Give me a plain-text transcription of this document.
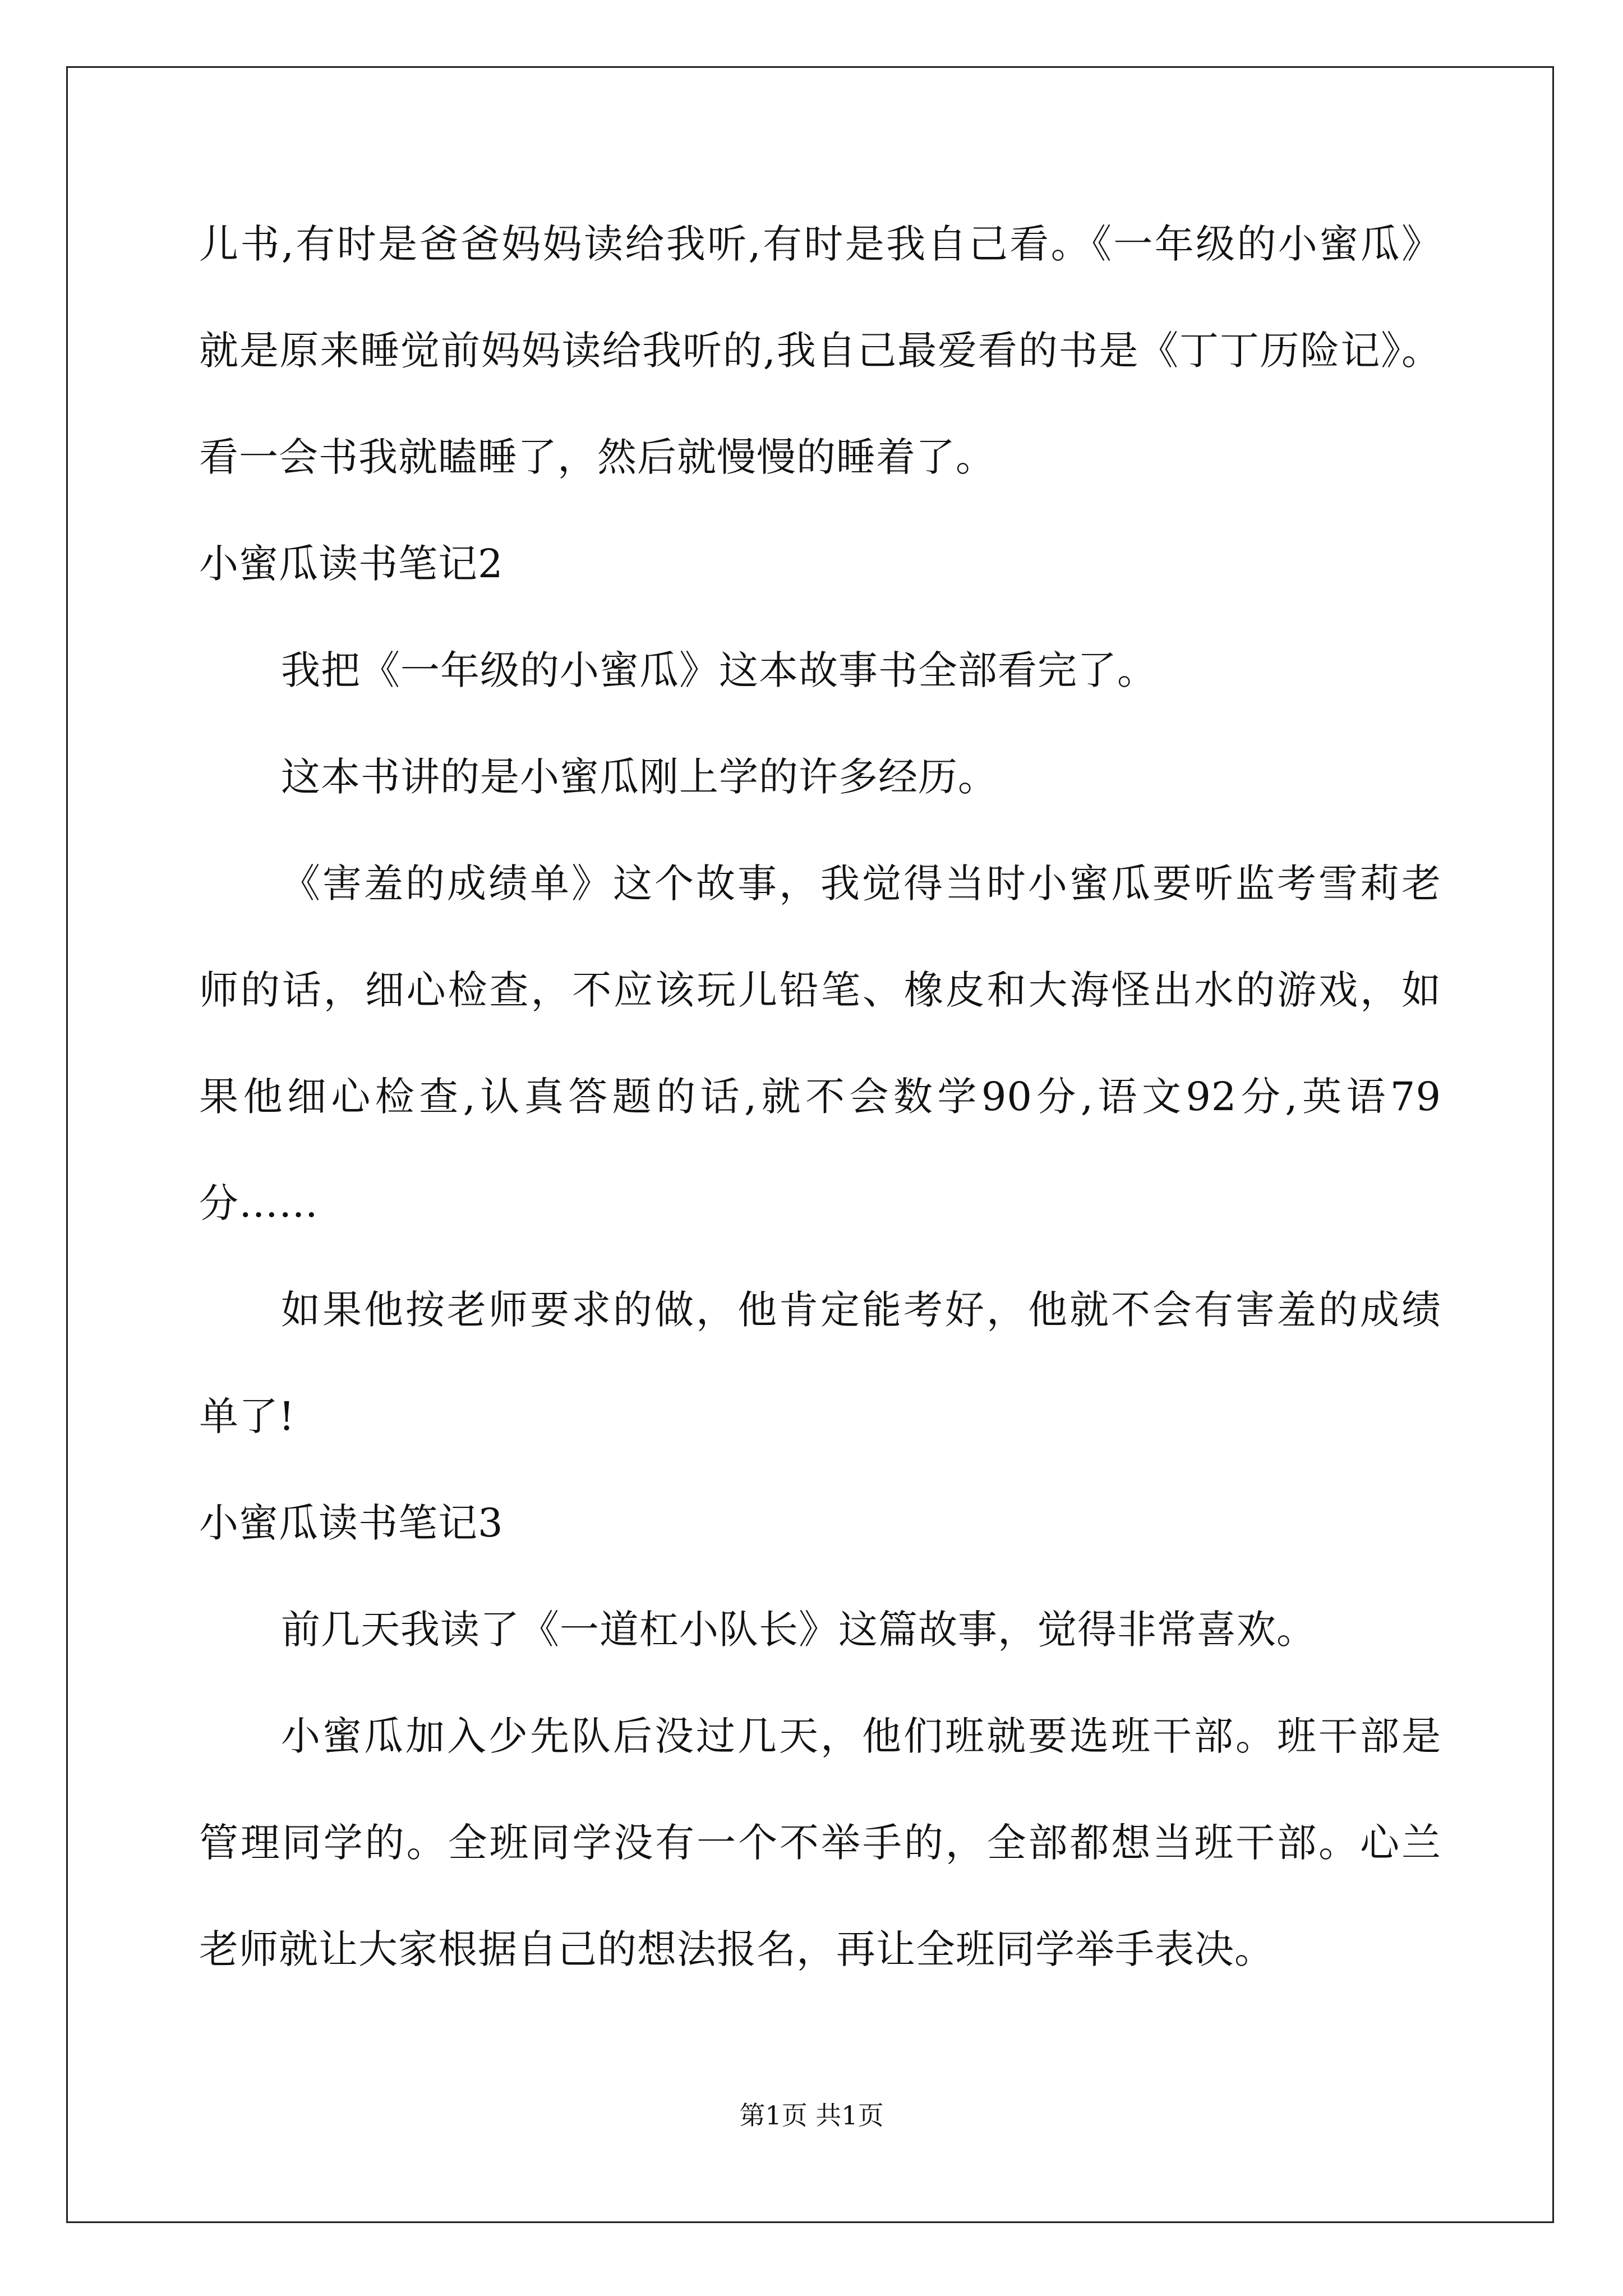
儿书,有时是爸爸妈妈读给我听,有时是我自己看。《一年级的小蜜瓜》
就是原来睡觉前妈妈读给我听的,我自己最爱看的书是《丁丁历险记》。
看一会书我就瞌睡了，然后就慢慢的睡着了。
小蜜瓜读书笔记2
我把《一年级的小蜜瓜》这本故事书全部看完了。
这本书讲的是小蜜瓜刚上学的许多经历。
《害羞的成绩单》这个故事，我觉得当时小蜜瓜要听监考雪莉老
师的话，细心检查，不应该玩儿铅笔、橡皮和大海怪出水的游戏，如
果他细心检查,认真答题的话,就不会数学90分,语文92分,英语79
分……
如果他按老师要求的做，他肯定能考好，他就不会有害羞的成绩
单了!
小蜜瓜读书笔记3
前几天我读了《一道杠小队长》这篇故事，觉得非常喜欢。
小蜜瓜加入少先队后没过几天，他们班就要选班干部。班干部是
管理同学的。全班同学没有一个不举手的，全部都想当班干部。心兰
老师就让大家根据自己的想法报名，再让全班同学举手表决。
第1页 共1页
